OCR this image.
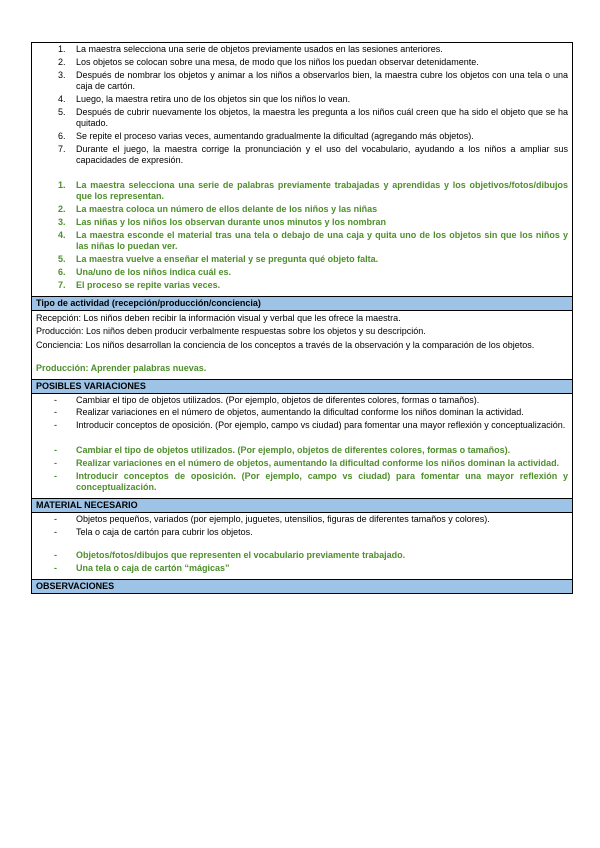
1. La maestra selecciona una serie de objetos previamente usados en las sesiones anteriores.
2. Los objetos se colocan sobre una mesa, de modo que los niños los puedan observar detenidamente.
3. Después de nombrar los objetos y animar a los niños a observarlos bien, la maestra cubre los objetos con una tela o una caja de cartón.
4. Luego, la maestra retira uno de los objetos sin que los niños lo vean.
5. Después de cubrir nuevamente los objetos, la maestra les pregunta a los niños cuál creen que ha sido el objeto que se ha quitado.
6. Se repite el proceso varias veces, aumentando gradualmente la dificultad (agregando más objetos).
7. Durante el juego, la maestra corrige la pronunciación y el uso del vocabulario, ayudando a los niños a ampliar sus capacidades de expresión.
1. La maestra selecciona una serie de palabras previamente trabajadas y aprendidas y los objetivos/fotos/dibujos que los representan.
2. La maestra coloca un número de ellos delante de los niños y las niñas
3. Las niñas y los niños los observan durante unos minutos y los nombran
4. La maestra esconde el material tras una tela o debajo de una caja y quita uno de los objetos sin que los niños y las niñas lo puedan ver.
5. La maestra vuelve a enseñar el material y se pregunta qué objeto falta.
6. Una/uno de los niños indica cuál es.
7. El proceso se repite varias veces.
Tipo de actividad (recepción/producción/conciencia)

Recepción: Los niños deben recibir la información visual y verbal que les ofrece la maestra.

Producción: Los niños deben producir verbalmente respuestas sobre los objetos y su descripción.

Conciencia: Los niños desarrollan la conciencia de los conceptos a través de la observación y la comparación de los objetos.

Producción: Aprender palabras nuevas.

POSIBLES VARIACIONES
- Cambiar el tipo de objetos utilizados. (Por ejemplo, objetos de diferentes colores, formas o tamaños).
- Realizar variaciones en el número de objetos, aumentando la dificultad conforme los niños dominan la actividad.
- Introducir conceptos de oposición. (Por ejemplo, campo vs ciudad) para fomentar una mayor reflexión y conceptualización.
- Cambiar el tipo de objetos utilizados. (Por ejemplo, objetos de diferentes colores, formas o tamaños).
- Realizar variaciones en el número de objetos, aumentando la dificultad conforme los niños dominan la actividad.
- Introducir conceptos de oposición. (Por ejemplo, campo vs ciudad) para fomentar una mayor reflexión y conceptualización.
MATERIAL NECESARIO
- Objetos pequeños, variados (por ejemplo, juguetes, utensilios, figuras de diferentes tamaños y colores).
- Tela o caja de cartón para cubrir los objetos.
- Objetos/fotos/dibujos que representen el vocabulario previamente trabajado.
- Una tela o caja de cartón “mágicas”
OBSERVACIONES
